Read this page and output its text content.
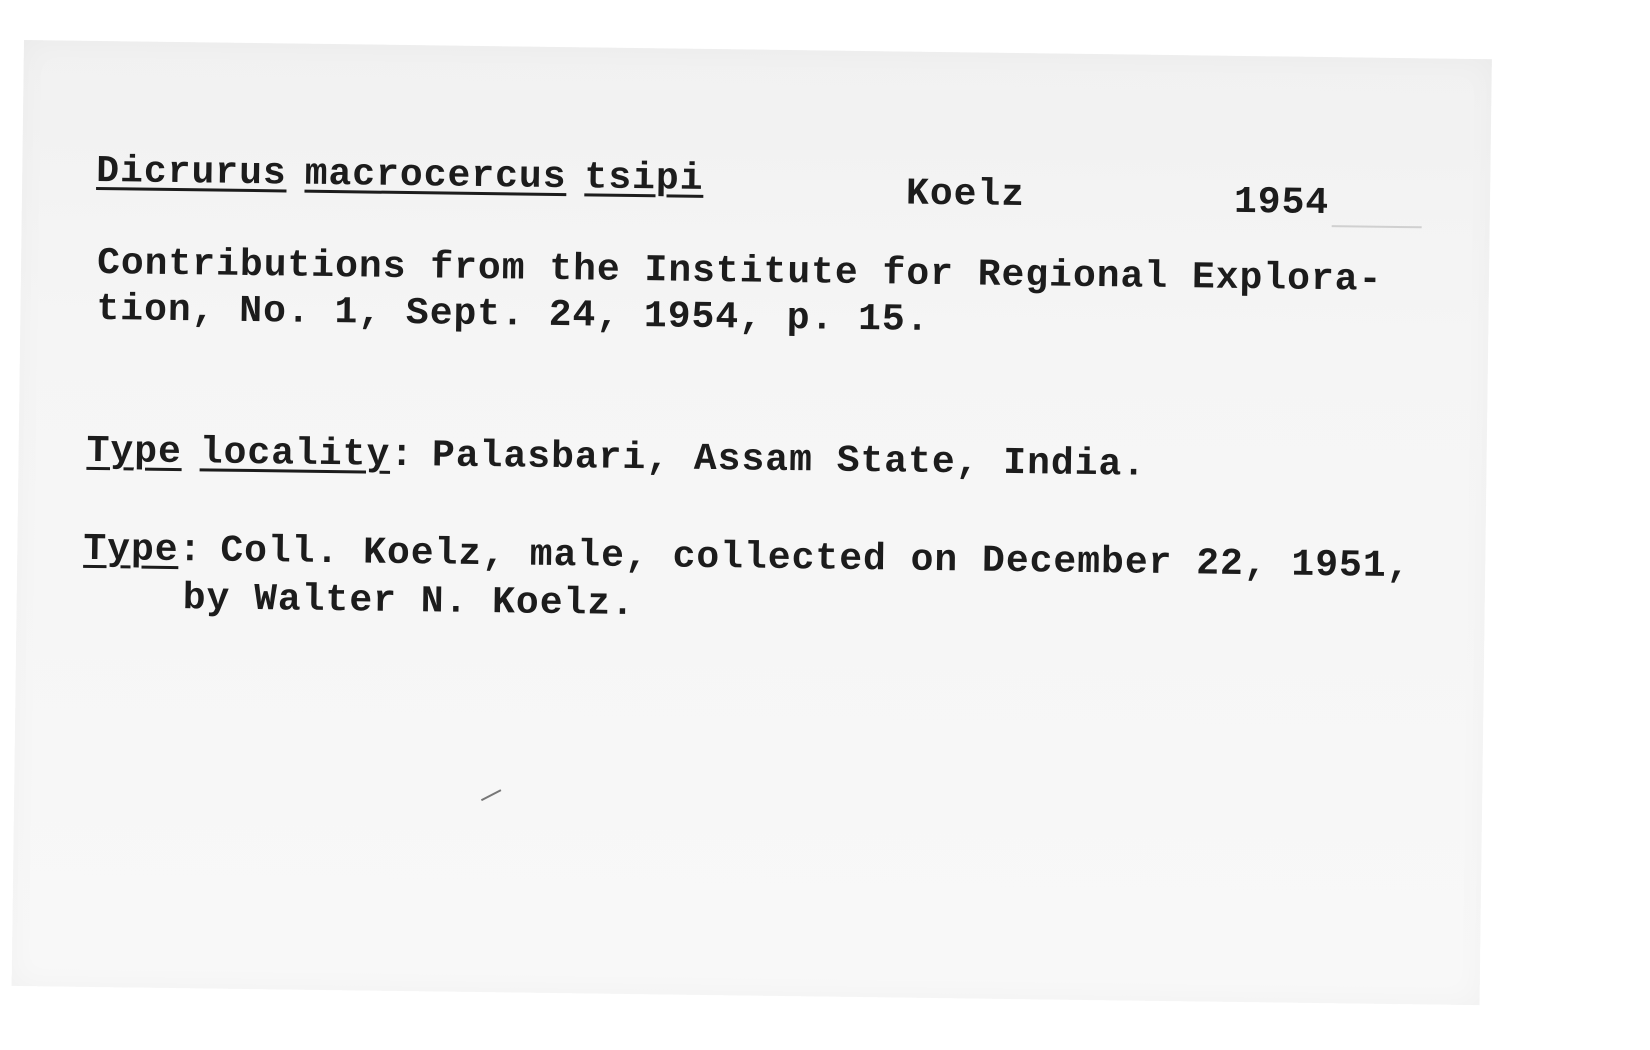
Dicrurus macrocercus tsipi	Koelz	1954
Contributions from the Institute for Regional Explora-
tion, No. 1, Sept. 24, 1954, p. 15.
Type locality: Palasbari, Assam State, India.
Type: Coll. Koelz, male, collected on December 22, 1951,
by Walter N. Koelz.
